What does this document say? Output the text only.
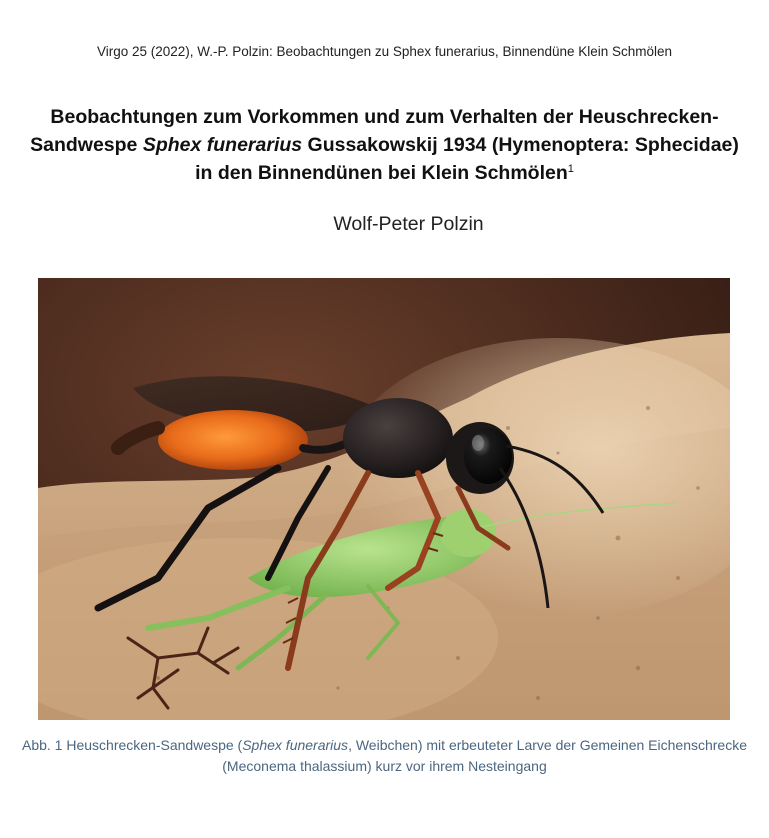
Virgo 25 (2022), W.-P. Polzin: Beobachtungen zu Sphex funerarius, Binnendüne Klein Schmölen
Beobachtungen zum Vorkommen und zum Verhalten der Heuschrecken-Sandwespe Sphex funerarius Gussakowskij 1934 (Hymenoptera: Sphecidae) in den Binnendünen bei Klein Schmölen$^1$
Wolf-Peter Polzin
Abb. 1 Heuschrecken-Sandwespe (Sphex funerarius, Weibchen) mit erbeuteter Larve der Gemeinen Eichenschrecke (Meconema thalassium) kurz vor ihrem Nesteingang
